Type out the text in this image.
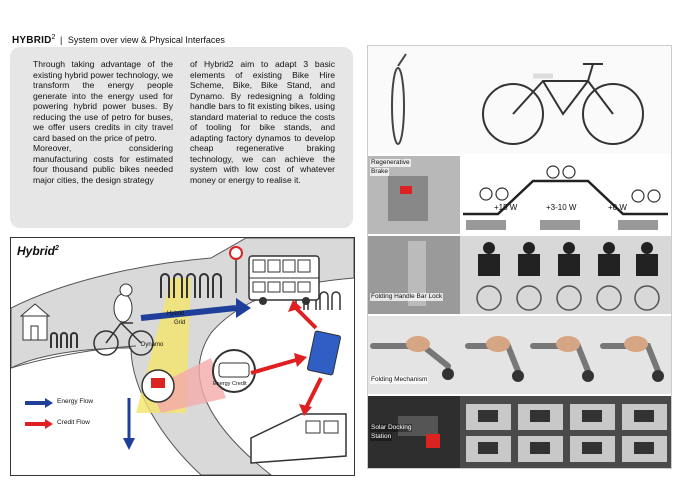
HYBRID$^2$ | System over view & Physical Interfaces

Through taking advantage of the existing hybrid power technology, we transform the energy people generate into the energy used for powering hybrid power buses. By reducing the use of petro for buses, we offer users credits in city travel card based on the price of petro.

Moreover, considering manufacturing costs for estimated four thousand public bikes needed major cities, the design strategy

of Hybrid2 aim to adapt 3 basic elements of existing Bike Hire Scheme, Bike, Bike Stand, and Dynamo. By redesigning a folding handle bars to fit existing bikes, using standard material to reduce the costs of tooling for bike stands, and adapting factory dynamos to develop cheap regenerative braking technology, we can achieve the system with low cost of whatever money or energy to realise it.

Hybrid$^2$
Hybrid
Grid
Dynamo
Energy Credit
Energy Flow
Credit Flow
Regenerative
Brake
+15 W	+3-10 W	+0 W
Folding Handle Bar Lock
Folding Mechanism
Solar Docking
Station
